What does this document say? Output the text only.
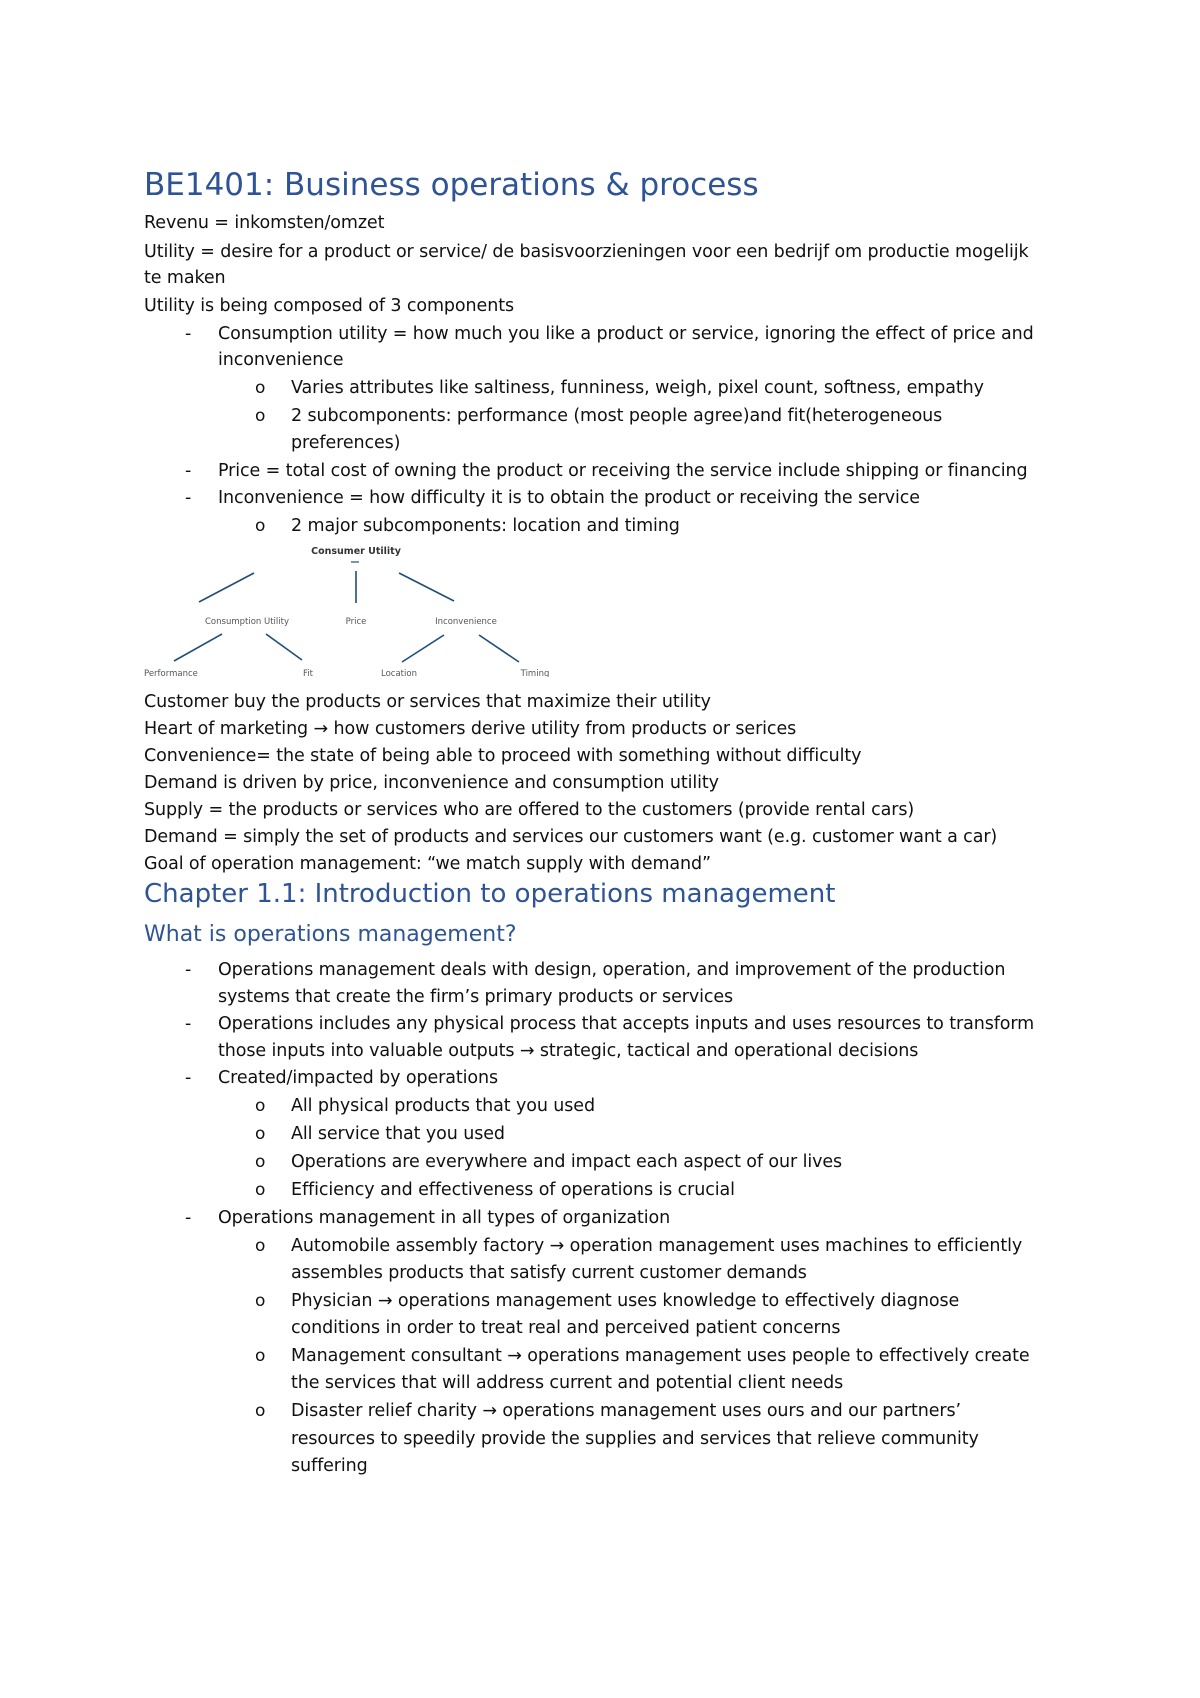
BE1401: Business operations & process
Revenu = inkomsten/omzet
Utility = desire for a product or service/ de basisvoorzieningen voor een bedrijf om productie mogelijk
te maken
Utility is being composed of 3 components
- Consumption utility = how much you like a product or service, ignoring the effect of price and
inconvenience
o Varies attributes like saltiness, funniness, weigh, pixel count, softness, empathy
o 2 subcomponents: performance (most people agree)and fit(heterogeneous
preferences)
- Price = total cost of owning the product or receiving the service include shipping or financing
- Inconvenience = how difficulty it is to obtain the product or receiving the service
o 2 major subcomponents: location and timing
Consumer Utility
Consumption Utility	Price	Inconvenience
Performance	Fit	Location	Timing
Customer buy the products or services that maximize their utility
Heart of marketing → how customers derive utility from products or serices
Convenience= the state of being able to proceed with something without difficulty
Demand is driven by price, inconvenience and consumption utility
Supply = the products or services who are offered to the customers (provide rental cars)
Demand = simply the set of products and services our customers want (e.g. customer want a car)
Goal of operation management: “we match supply with demand”
Chapter 1.1: Introduction to operations management
What is operations management?
- Operations management deals with design, operation, and improvement of the production
systems that create the firm’s primary products or services
- Operations includes any physical process that accepts inputs and uses resources to transform
those inputs into valuable outputs → strategic, tactical and operational decisions
- Created/impacted by operations
o All physical products that you used
o All service that you used
o Operations are everywhere and impact each aspect of our lives
o Efficiency and effectiveness of operations is crucial
- Operations management in all types of organization
o Automobile assembly factory → operation management uses machines to efficiently
assembles products that satisfy current customer demands
o Physician → operations management uses knowledge to effectively diagnose
conditions in order to treat real and perceived patient concerns
o Management consultant → operations management uses people to effectively create
the services that will address current and potential client needs
o Disaster relief charity → operations management uses ours and our partners’
resources to speedily provide the supplies and services that relieve community
suffering
